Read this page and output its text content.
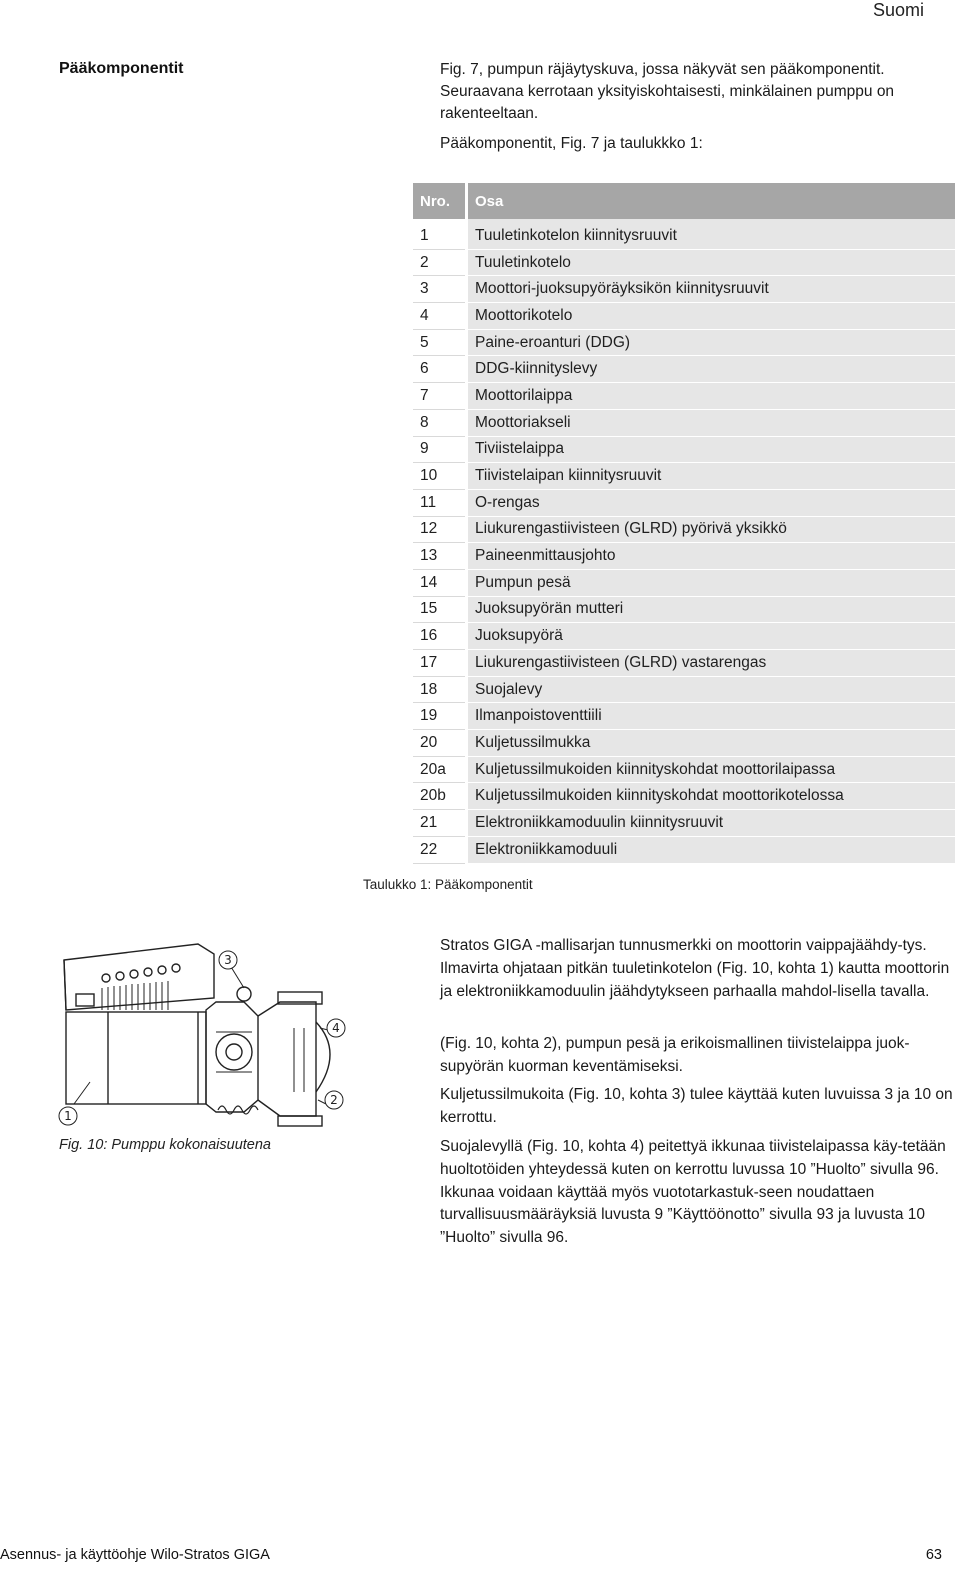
Suomi
Pääkomponentit	Fig. 7, pumpun räjäytyskuva, jossa näkyvät sen pääkomponentit. Seuraavana kerrotaan yksityiskohtaisesti, minkälainen pumppu on rakenteeltaan.
Pääkomponentit, Fig. 7 ja taulukkko 1:
Nro.	Osa
1	Tuuletinkotelon kiinnitysruuvit
2	Tuuletinkotelo
3	Moottori-juoksupyöräyksikön kiinnitysruuvit
4	Moottorikotelo
5	Paine-eroanturi (DDG)
6	DDG-kiinnityslevy
7	Moottorilaippa
8	Moottoriakseli
9	Tiviistelaippa
10	Tiivistelaipan kiinnitysruuvit
11	O-rengas
12	Liukurengastiivisteen (GLRD) pyörivä yksikkö
13	Paineenmittausjohto
14	Pumpun pesä
15	Juoksupyörän mutteri
16	Juoksupyörä
17	Liukurengastiivisteen (GLRD) vastarengas
18	Suojalevy
19	Ilmanpoistoventtiili
20	Kuljetussilmukka
20a	Kuljetussilmukoiden kiinnityskohdat moottorilaipassa
20b	Kuljetussilmukoiden kiinnityskohdat moottorikotelossa
21	Elektroniikkamoduulin kiinnitysruuvit
22	Elektroniikkamoduuli
Taulukko 1: Pääkomponentit
1
2
3
4
Fig. 10: Pumppu kokonaisuutena

Stratos GIGA -mallisarjan tunnusmerkki on moottorin vaippajäähdy-tys. Ilmavirta ohjataan pitkän tuuletinkotelon (Fig. 10, kohta 1) kautta moottorin ja elektroniikkamoduulin jäähdytykseen parhaalla mahdol-lisella tavalla.

(Fig. 10, kohta 2), pumpun pesä ja erikoismallinen tiivistelaippa juok-supyörän kuorman keventämiseksi.

Kuljetussilmukoita (Fig. 10, kohta 3) tulee käyttää kuten luvuissa 3 ja 10 on kerrottu.

Suojalevyllä (Fig. 10, kohta 4) peitettyä ikkunaa tiivistelaipassa käy-tetään huoltotöiden yhteydessä kuten on kerrottu luvussa 10 ”Huolto” sivulla 96. Ikkunaa voidaan käyttää myös vuototarkastuk-seen noudattaen turvallisuusmääräyksiä luvusta 9 ”Käyttöönotto” sivulla 93 ja luvusta 10 ”Huolto” sivulla 96.

Asennus- ja käyttöohje Wilo-Stratos GIGA	63
